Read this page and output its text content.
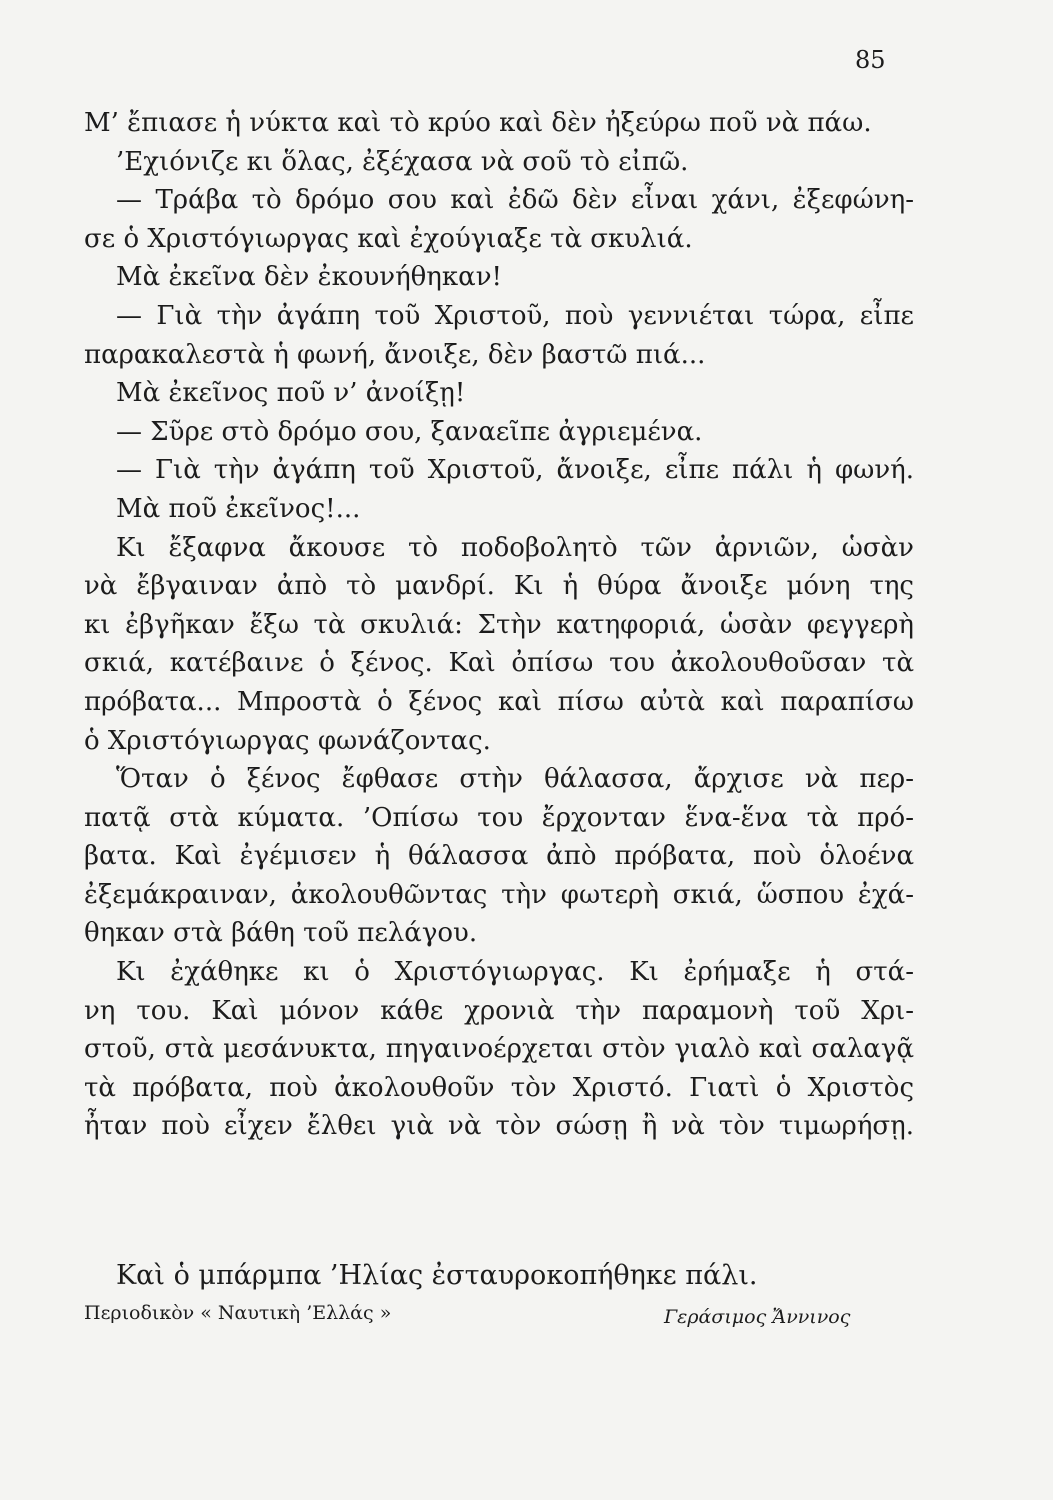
85
Μ’ ἔπιασε ἡ νύκτα καὶ τὸ κρύο καὶ δὲν ἠξεύρω ποῦ νὰ πάω.
’Εχιόνιζε κι ὅλας, ἐξέχασα νὰ σοῦ τὸ εἰπῶ.
— Τράβα τὸ δρόμο σου καὶ ἐδῶ δὲν εἶναι χάνι, ἐξεφώνη-
σε ὁ Χριστόγιωργας καὶ ἐχούγιαξε τὰ σκυλιά.
Μὰ ἐκεῖνα δὲν ἐκουνήθηκαν!
— Γιὰ τὴν ἀγάπη τοῦ Χριστοῦ, ποὺ γεννιέται τώρα, εἶπε
παρακαλεστὰ ἡ φωνή, ἄνοιξε, δὲν βαστῶ πιά...
Μὰ ἐκεῖνος ποῦ ν’ ἀνοίξῃ!
— Σῦρε στὸ δρόμο σου, ξαναεῖπε ἀγριεμένα.
— Γιὰ τὴν ἀγάπη τοῦ Χριστοῦ, ἄνοιξε, εἶπε πάλι ἡ φωνή.
Μὰ ποῦ ἐκεῖνος!...
Κι ἔξαφνα ἄκουσε τὸ ποδοβολητὸ τῶν ἀρνιῶν, ὡσὰν
νὰ ἔβγαιναν ἀπὸ τὸ μανδρί. Κι ἡ θύρα ἄνοιξε μόνη της
κι ἐβγῆκαν ἔξω τὰ σκυλιά: Στὴν κατηφοριά, ὡσὰν φεγγερὴ
σκιά, κατέβαινε ὁ ξένος. Καὶ ὀπίσω του ἀκολουθοῦσαν τὰ
πρόβατα... Μπροστὰ ὁ ξένος καὶ πίσω αὐτὰ καὶ παραπίσω
ὁ Χριστόγιωργας φωνάζοντας.
Ὅταν ὁ ξένος ἔφθασε στὴν θάλασσα, ἄρχισε νὰ περ-
πατᾷ στὰ κύματα. ’Οπίσω του ἔρχονταν ἕνα-ἕνα τὰ πρό-
βατα. Καὶ ἐγέμισεν ἡ θάλασσα ἀπὸ πρόβατα, ποὺ ὁλοένα
ἐξεμάκραιναν, ἀκολουθῶντας τὴν φωτερὴ σκιά, ὥσπου ἐχά-
θηκαν στὰ βάθη τοῦ πελάγου.
Κι ἐχάθηκε κι ὁ Χριστόγιωργας. Κι ἐρήμαξε ἡ στά-
νη του. Καὶ μόνον κάθε χρονιὰ τὴν παραμονὴ τοῦ Χρι-
στοῦ, στὰ μεσάνυκτα, πηγαινοέρχεται στὸν γιαλὸ καὶ σαλαγᾷ
τὰ πρόβατα, ποὺ ἀκολουθοῦν τὸν Χριστό. Γιατὶ ὁ Χριστὸς
ἦταν ποὺ εἶχεν ἔλθει γιὰ νὰ τὸν σώσῃ ἢ νὰ τὸν τιμωρήσῃ.
Καὶ ὁ μπάρμπα ’Ηλίας ἐσταυροκοπήθηκε πάλι.
Περιοδικὸν « Ναυτικὴ ’Ελλάς »	Γεράσιμος Ἄννινος
